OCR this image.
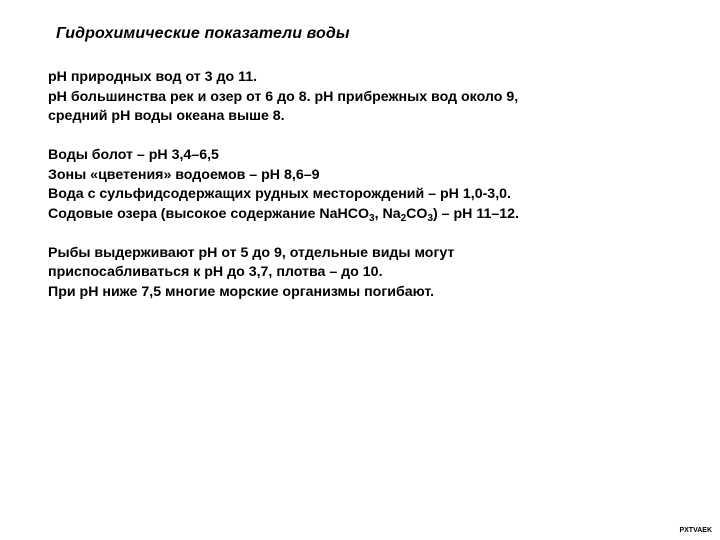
Гидрохимические показатели воды
рН природных вод от 3 до 11.
рН большинства рек и озер от 6 до 8. рН прибрежных вод около 9,
средний рН воды океана выше 8.
Воды болот – рН 3,4–6,5
Зоны «цветения» водоемов – рН 8,6–9
Вода с сульфидсодержащих рудных месторождений – рН 1,0-3,0.
Содовые озера (высокое содержание NaHCO$_3$, $Na_2CO_3$) – рН 11–12.
Рыбы выдерживают рН от 5 до 9, отдельные виды могут
приспосабливаться к рН до 3,7, плотва – до 10.
При рН ниже 7,5 многие морские организмы погибают.
PXTVAEK
